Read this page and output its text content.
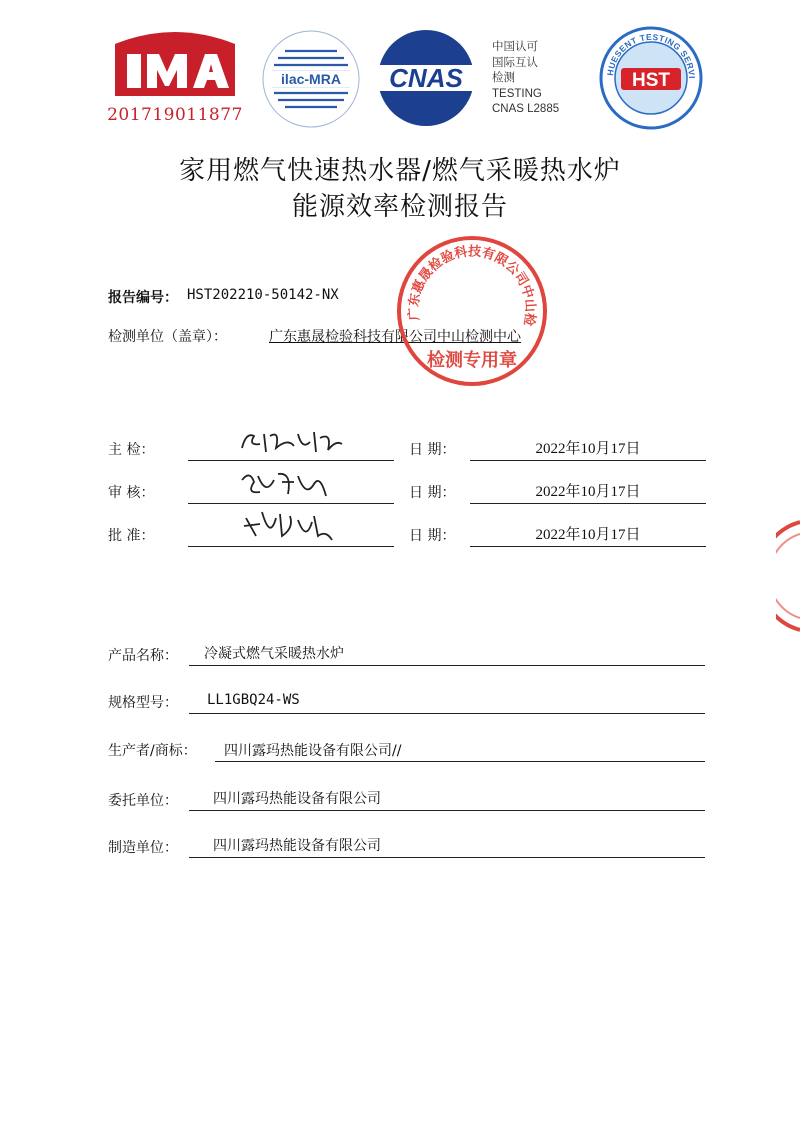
201719011877
ilac-MRA CNAS
中国认可
国际互认
检测
TESTING
CNAS L2885
HUESENT TESTING SERVI
HST
家用燃气快速热水器/燃气采暖热水炉
能源效率检测报告
报告编号： HST202210-50142-NX
检测单位（盖章）：	广东惠晟检验科技有限公司中山检测中心
广东惠晟检验科技有限公司中山检
检测专用章
主 检：	日 期：	2022年10月17日
审 核：	日 期：	2022年10月17日
批 准：	日 期：	2022年10月17日
产品名称： 冷凝式燃气采暖热水炉
规格型号： LL1GBQ24-WS
生产者/商标： 四川露玛热能设备有限公司//
委托单位：	四川露玛热能设备有限公司
制造单位：	四川露玛热能设备有限公司
